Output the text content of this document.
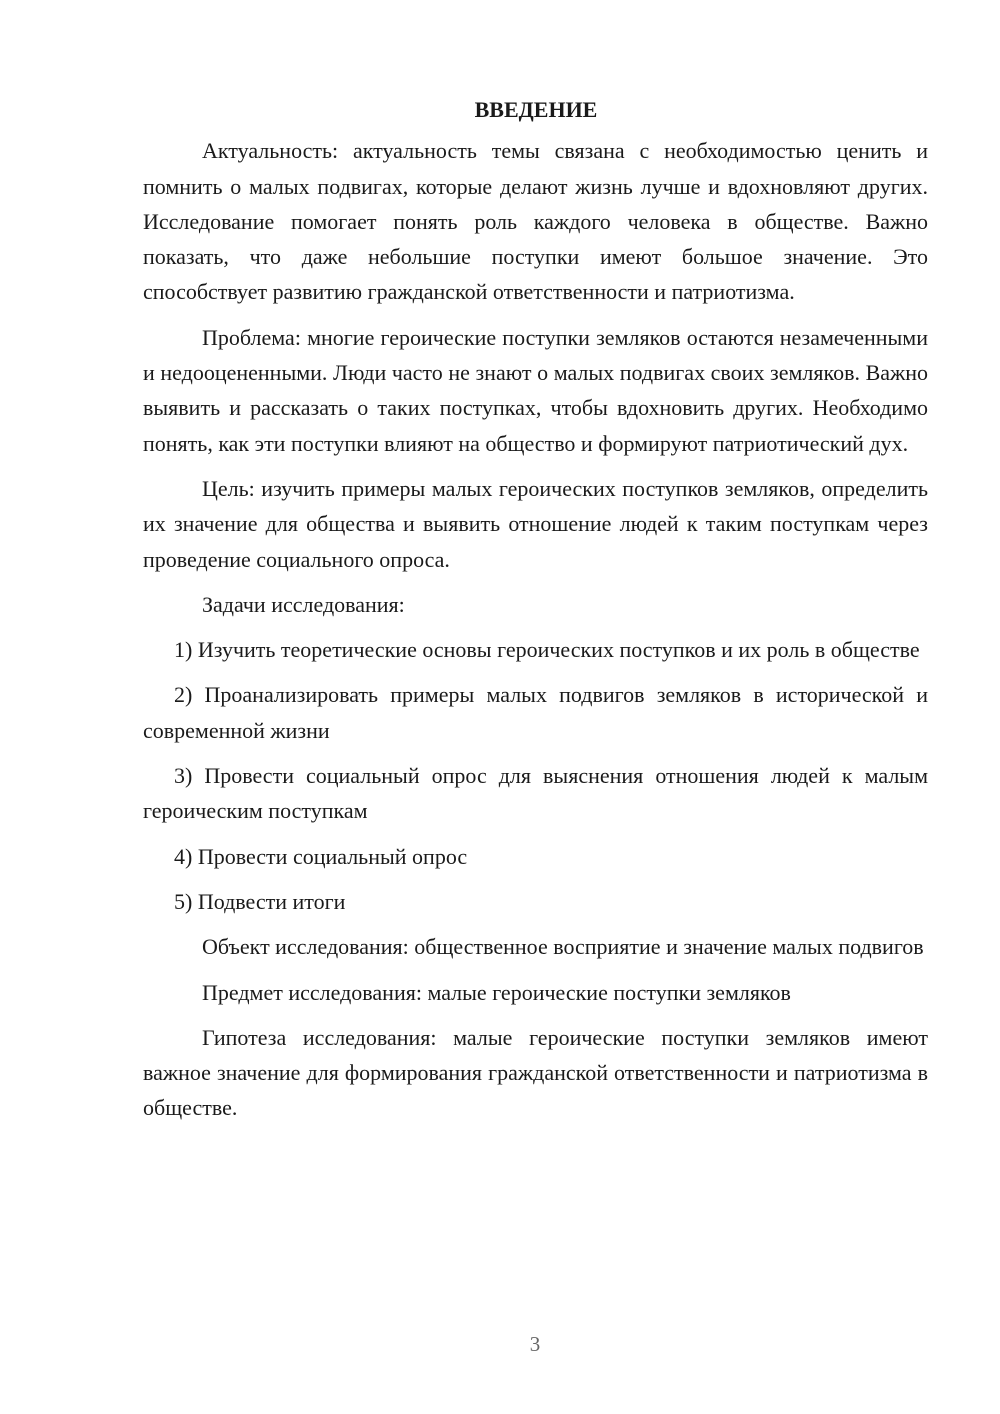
ВВЕДЕНИЕ

Актуальность: актуальность темы связана с необходимостью ценить и помнить о малых подвигах, которые делают жизнь лучше и вдохновляют других. Исследование помогает понять роль каждого человека в обществе. Важно показать, что даже небольшие поступки имеют большое значение. Это способствует развитию гражданской ответственности и патриотизма.

Проблема: многие героические поступки земляков остаются незамеченными и недооцененными. Люди часто не знают о малых подвигах своих земляков. Важно выявить и рассказать о таких поступках, чтобы вдохновить других. Необходимо понять, как эти поступки влияют на общество и формируют патриотический дух.

Цель: изучить примеры малых героических поступков земляков, определить их значение для общества и выявить отношение людей к таким поступкам через проведение социального опроса.

Задачи исследования:

1) Изучить теоретические основы героических поступков и их роль в обществе

2) Проанализировать примеры малых подвигов земляков в исторической и современной жизни

3) Провести социальный опрос для выяснения отношения людей к малым героическим поступкам

4) Провести социальный опрос

5) Подвести итоги

Объект исследования: общественное восприятие и значение малых подвигов

Предмет исследования: малые героические поступки земляков

Гипотеза исследования: малые героические поступки земляков имеют важное значение для формирования гражданской ответственности и патриотизма в обществе.

3
